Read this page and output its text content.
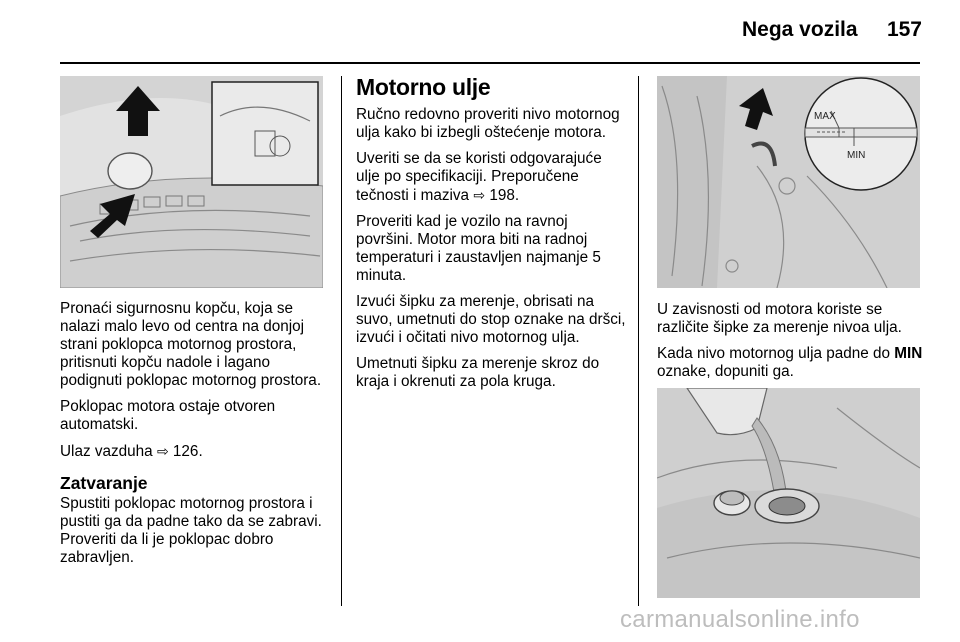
Nega vozila 157

Pronaći sigurnosnu kopču, koja se nalazi malo levo od centra na donjoj strani poklopca motornog prostora, pritisnuti kopču nadole i lagano podignuti poklopac motornog prostora.

Poklopac motora ostaje otvoren automatski.

Ulaz vazduha ⇨ 126.

Zatvaranje

Spustiti poklopac motornog prostora i pustiti ga da padne tako da se zabravi. Proveriti da li je poklopac dobro zabravljen.

Motorno ulje

Ručno redovno proveriti nivo motornog ulja kako bi izbegli oštećenje motora.

Uveriti se da se koristi odgovarajuće ulje po specifikaciji. Preporučene tečnosti i maziva ⇨ 198.

Proveriti kad je vozilo na ravnoj površini. Motor mora biti na radnoj temperaturi i zaustavljen najmanje 5 minuta.

Izvući šipku za merenje, obrisati na suvo, umetnuti do stop oznake na dršci, izvući i očitati nivo motornog ulja.

Umetnuti šipku za merenje skroz do kraja i okrenuti za pola kruga.

MAX
MIN

U zavisnosti od motora koriste se različite šipke za merenje nivoa ulja.

Kada nivo motornog ulja padne do MIN oznake, dopuniti ga.

carmanualsonline.info
